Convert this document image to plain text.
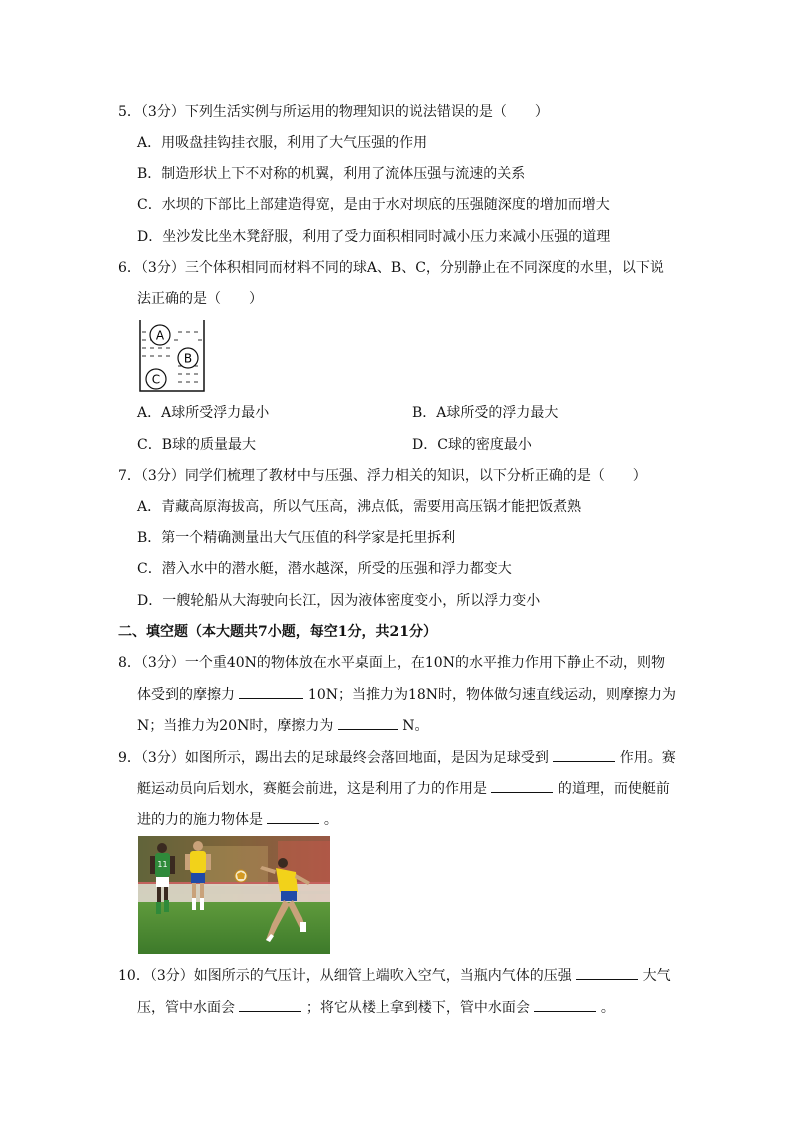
5．（3分）下列生活实例与所运用的物理知识的说法错误的是（　　）
A．用吸盘挂钩挂衣服，利用了大气压强的作用
B．制造形状上下不对称的机翼，利用了流体压强与流速的关系
C．水坝的下部比上部建造得宽，是由于水对坝底的压强随深度的增加而增大
D．坐沙发比坐木凳舒服，利用了受力面积相同时减小压力来减小压强的道理
6．（3分）三个体积相同而材料不同的球A、B、C，分别静止在不同深度的水里，以下说
法正确的是（　　）
A
B
C
A．A球所受浮力最小	B．A球所受的浮力最大
C．B球的质量最大	D．C球的密度最小
7．（3分）同学们梳理了教材中与压强、浮力相关的知识，以下分析正确的是（　　）
A．青藏高原海拔高，所以气压高，沸点低，需要用高压锅才能把饭煮熟
B．第一个精确测量出大气压值的科学家是托里拆利
C．潜入水中的潜水艇，潜水越深，所受的压强和浮力都变大
D．一艘轮船从大海驶向长江，因为液体密度变小，所以浮力变小
二、填空题（本大题共7小题，每空1分，共21分）
8．（3分）一个重40N的物体放在水平桌面上，在10N的水平推力作用下静止不动，则物
体受到的摩擦力	10N；当推力为18N时，物体做匀速直线运动，则摩擦力为
N；当推力为20N时，摩擦力为	N。
9．（3分）如图所示，踢出去的足球最终会落回地面，是因为足球受到	作用。赛
艇运动员向后划水，赛艇会前进，这是利用了力的作用是	的道理，而使艇前
进的力的施力物体是	。
11
10．（3分）如图所示的气压计，从细管上端吹入空气，当瓶内气体的压强	大气
压，管中水面会	；将它从楼上拿到楼下，管中水面会	。
